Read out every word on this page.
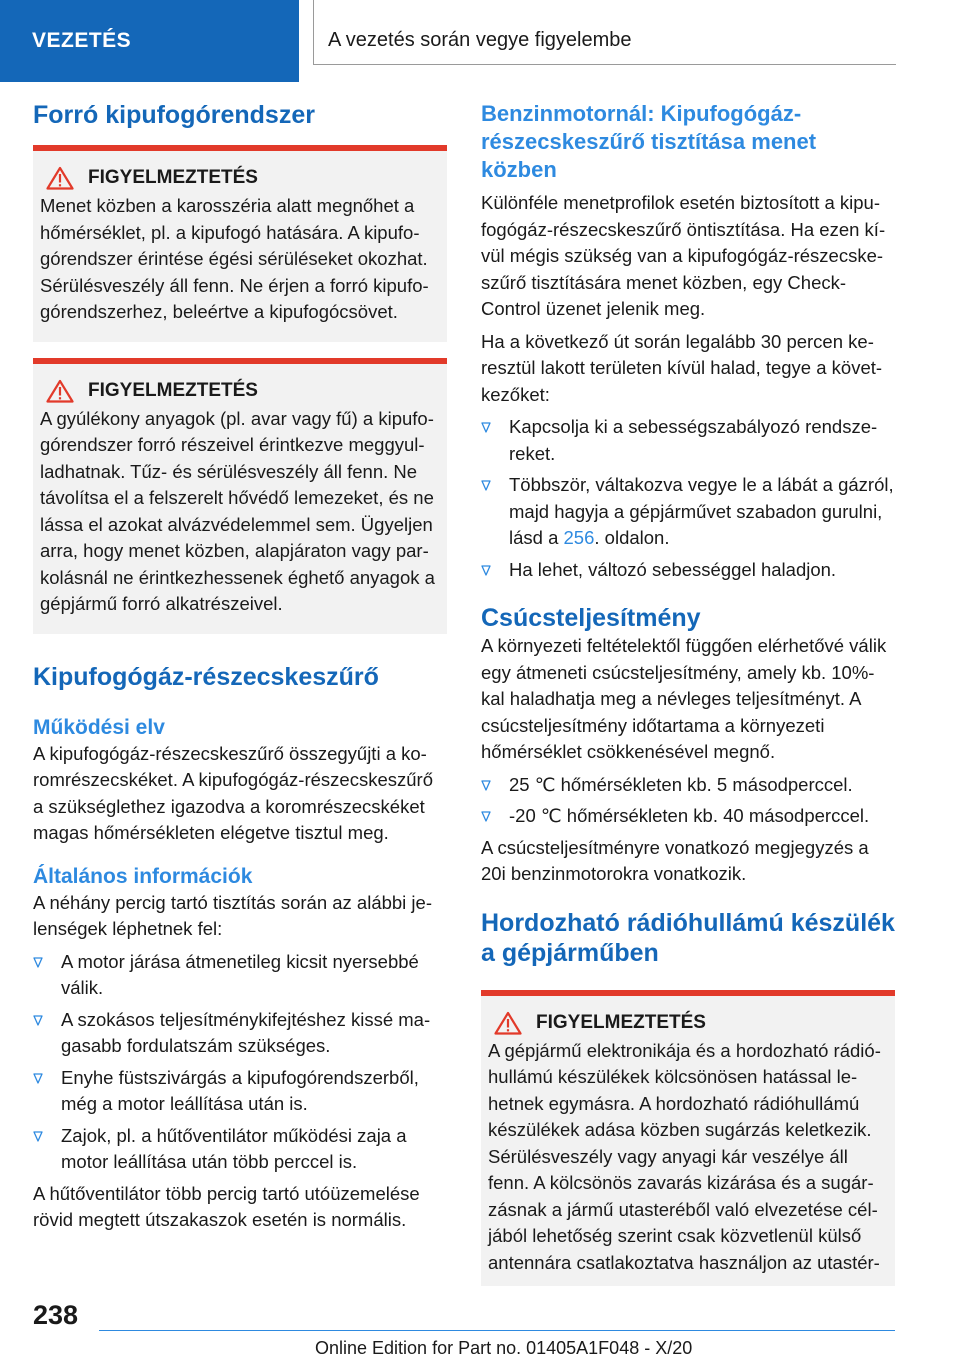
VEZETÉS	A vezetés során vegye figyelembe
Forró kipufogórendszer
FIGYELMEZTETÉS

Menet közben a karosszéria alatt megnőhet a hőmérséklet, pl. a kipufogó hatására. A kipufogórendszer érintése égési sérüléseket okozhat. Sérülésveszély áll fenn. Ne érjen a forró kipufogórendszerhez, beleértve a kipufogócsövet.

FIGYELMEZTETÉS

A gyúlékony anyagok (pl. avar vagy fű) a kipufogórendszer forró részeivel érintkezve meggyulladhatnak. Tűz- és sérülésveszély áll fenn. Ne távolítsa el a felszerelt hővédő lemezeket, és ne lássa el azokat alvázvédelemmel sem. Ügyeljen arra, hogy menet közben, alapjáraton vagy parkolásnál ne érintkezhessenek éghető anyagok a gépjármű forró alkatrészeivel.

Kipufogógáz-részecskeszűrő
Működési elv

A kipufogógáz-részecskeszűrő összegyűjti a koromrészecskéket. A kipufogógáz-részecskeszűrő a szükséglethez igazodva a koromrészecskéket magas hőmérsékleten elégetve tisztul meg.

Általános információk

A néhány percig tartó tisztítás során az alábbi jelenségek léphetnek fel:

A motor járása átmenetileg kicsit nyersebbé válik.
A szokásos teljesítménykifejtéshez kissé magasabb fordulatszám szükséges.
Enyhe füstszivárgás a kipufogórendszerből, még a motor leállítása után is.
Zajok, pl. a hűtőventilátor működési zaja a motor leállítása után több perccel is.

A hűtőventilátor több percig tartó utóüzemelése rövid megtett útszakaszok esetén is normális.

Benzinmotornál: Kipufogógáz-részecskeszűrő tisztítása menet közben

Különféle menetprofilok esetén biztosított a kipufogógáz-részecskeszűrő öntisztítása. Ha ezen kívül mégis szükség van a kipufogógáz-részecskeszűrő tisztítására menet közben, egy Check-Control üzenet jelenik meg.

Ha a következő út során legalább 30 percen keresztül lakott területen kívül halad, tegye a következőket:

Kapcsolja ki a sebességszabályozó rendszereket.
Többször, váltakozva vegye le a lábát a gázról, majd hagyja a gépjárművet szabadon gurulni, lásd a 256. oldalon.
Ha lehet, változó sebességgel haladjon.
Csúcsteljesítmény

A környezeti feltételektől függően elérhetővé válik egy átmeneti csúcsteljesítmény, amely kb. 10%-kal haladhatja meg a névleges teljesítményt. A csúcsteljesítmény időtartama a környezeti hőmérséklet csökkenésével megnő.

25 ℃ hőmérsékleten kb. 5 másodperccel.
-20 ℃ hőmérsékleten kb. 40 másodperccel.

A csúcsteljesítményre vonatkozó megjegyzés a 20i benzinmotorokra vonatkozik.

Hordozható rádióhullámú készülék a gépjárműben
FIGYELMEZTETÉS

A gépjármű elektronikája és a hordozható rádióhullámú készülékek kölcsönösen hatással lehetnek egymásra. A hordozható rádióhullámú készülékek adása közben sugárzás keletkezik. Sérülésveszély vagy anyagi kár veszélye áll fenn. A kölcsönös zavarás kizárása és a sugárzásnak a jármű utasteréből való elvezetése céljából lehetőség szerint csak közvetlenül külső antennára csatlakoztatva használjon az utastér-

238
Online Edition for Part no. 01405A1F048 - X/20
